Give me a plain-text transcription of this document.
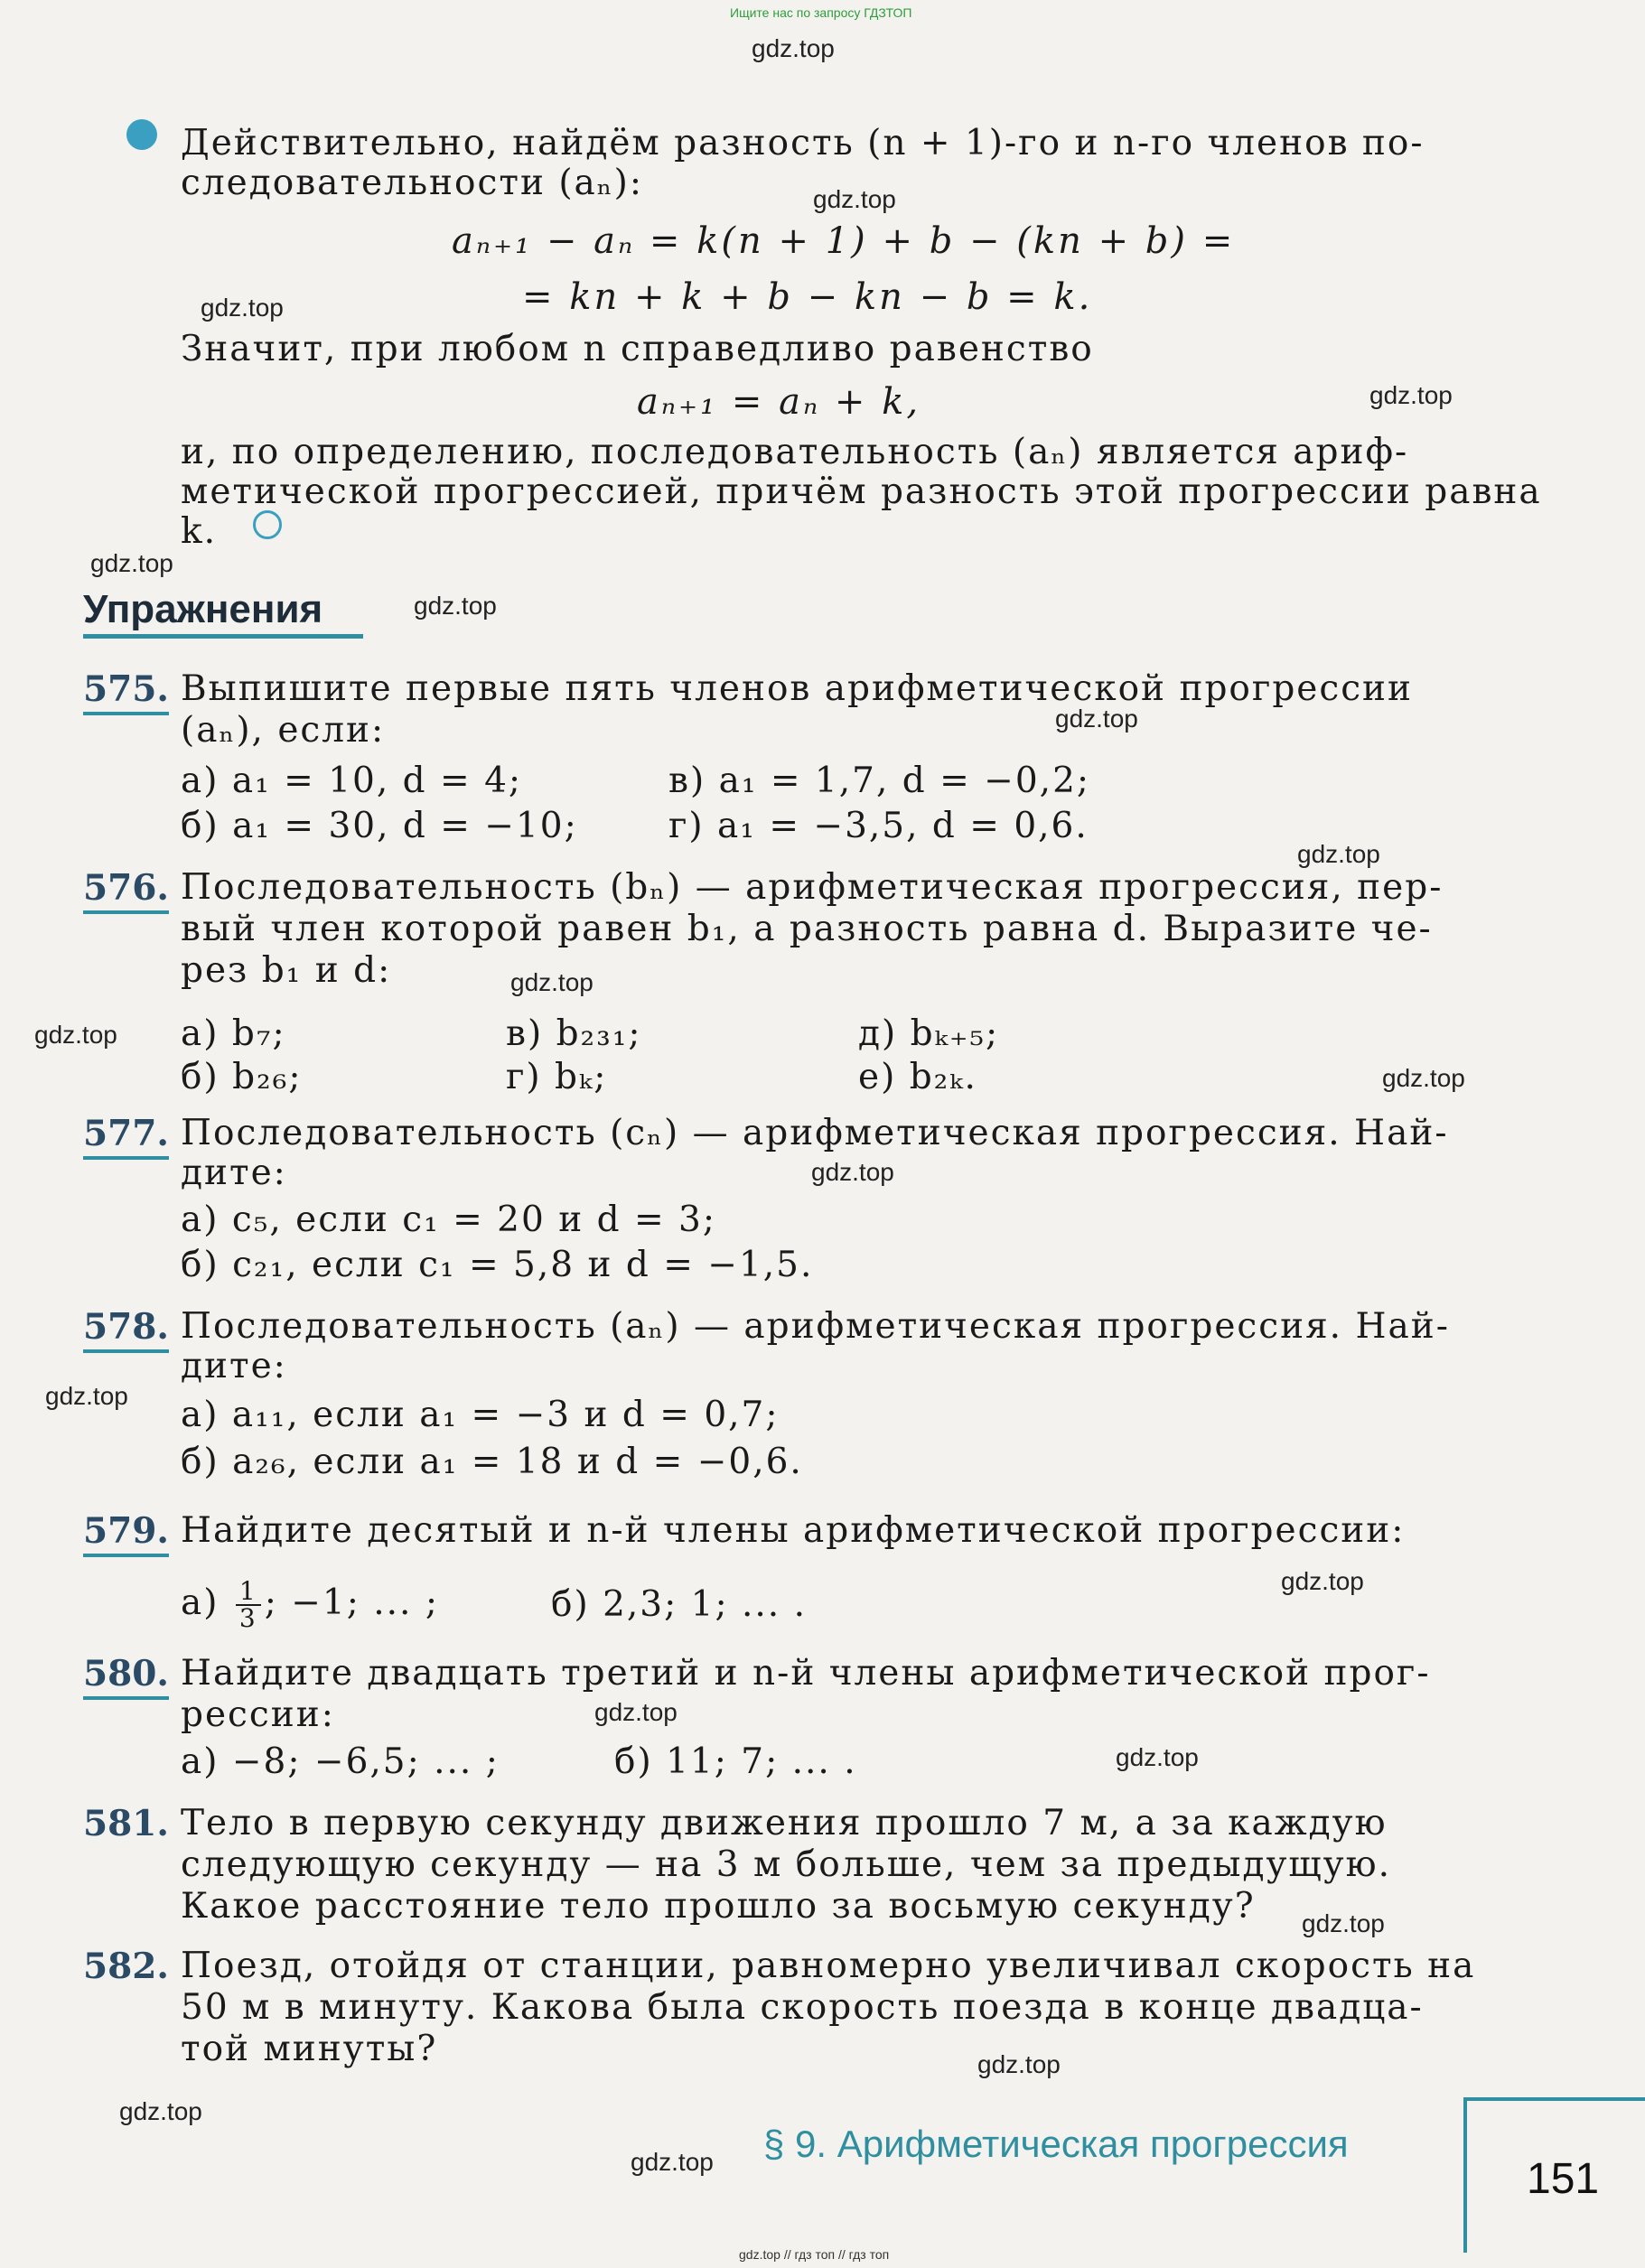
Ищите нас по запросу ГДЗТОП
gdz.top
gdz.top
gdz.top
gdz.top
gdz.top
gdz.top
gdz.top
gdz.top
gdz.top
gdz.top
gdz.top
gdz.top
gdz.top
gdz.top
gdz.top
gdz.top
gdz.top
gdz.top
gdz.top
gdz.top
Действительно, найдём разность (n + 1)-го и n-го членов по-
следовательности (aₙ):
aₙ₊₁ − aₙ = k(n + 1) + b − (kn + b) =
= kn + k + b − kn − b = k.
Значит, при любом n справедливо равенство
aₙ₊₁ = aₙ + k,
и, по определению, последовательность (aₙ) является ариф-
метической прогрессией, причём разность этой прогрессии равна
k.
Упражнения
575. Выпишите первые пять членов арифметической прогрессии
(aₙ), если:
а) a₁ = 10, d = 4;	в) a₁ = 1,7, d = −0,2;
б) a₁ = 30, d = −10;	г) a₁ = −3,5, d = 0,6.
576. Последовательность (bₙ) — арифметическая прогрессия, пер-
вый член которой равен b₁, а разность равна d. Выразите че-
рез b₁ и d:
а) b₇;	в) b₂₃₁;	д) bₖ₊₅;
б) b₂₆;	г) bₖ;	е) b₂ₖ.
577. Последовательность (cₙ) — арифметическая прогрессия. Най-
дите:
а) c₅, если c₁ = 20 и d = 3;
б) c₂₁, если c₁ = 5,8 и d = −1,5.
578. Последовательность (aₙ) — арифметическая прогрессия. Най-
дите:
а) a₁₁, если a₁ = −3 и d = 0,7;
б) a₂₆, если a₁ = 18 и d = −0,6.
579. Найдите десятый и n-й члены арифметической прогрессии:
$а) \frac{1}{3}$ ; −1; ... ;	б) 2,3; 1; ... .
580. Найдите двадцать третий и n-й члены арифметической прог-
рессии:
а) −8; −6,5; ... ;	б) 11; 7; ... .
581. Тело в первую секунду движения прошло 7 м, а за каждую
следующую секунду — на 3 м больше, чем за предыдущую.
Какое расстояние тело прошло за восьмую секунду?
582. Поезд, отойдя от станции, равномерно увеличивал скорость на
50 м в минуту. Какова была скорость поезда в конце двадца-
той минуты?
§ 9. Арифметическая прогрессия
151
gdz.top // гдз топ // гдз топ
